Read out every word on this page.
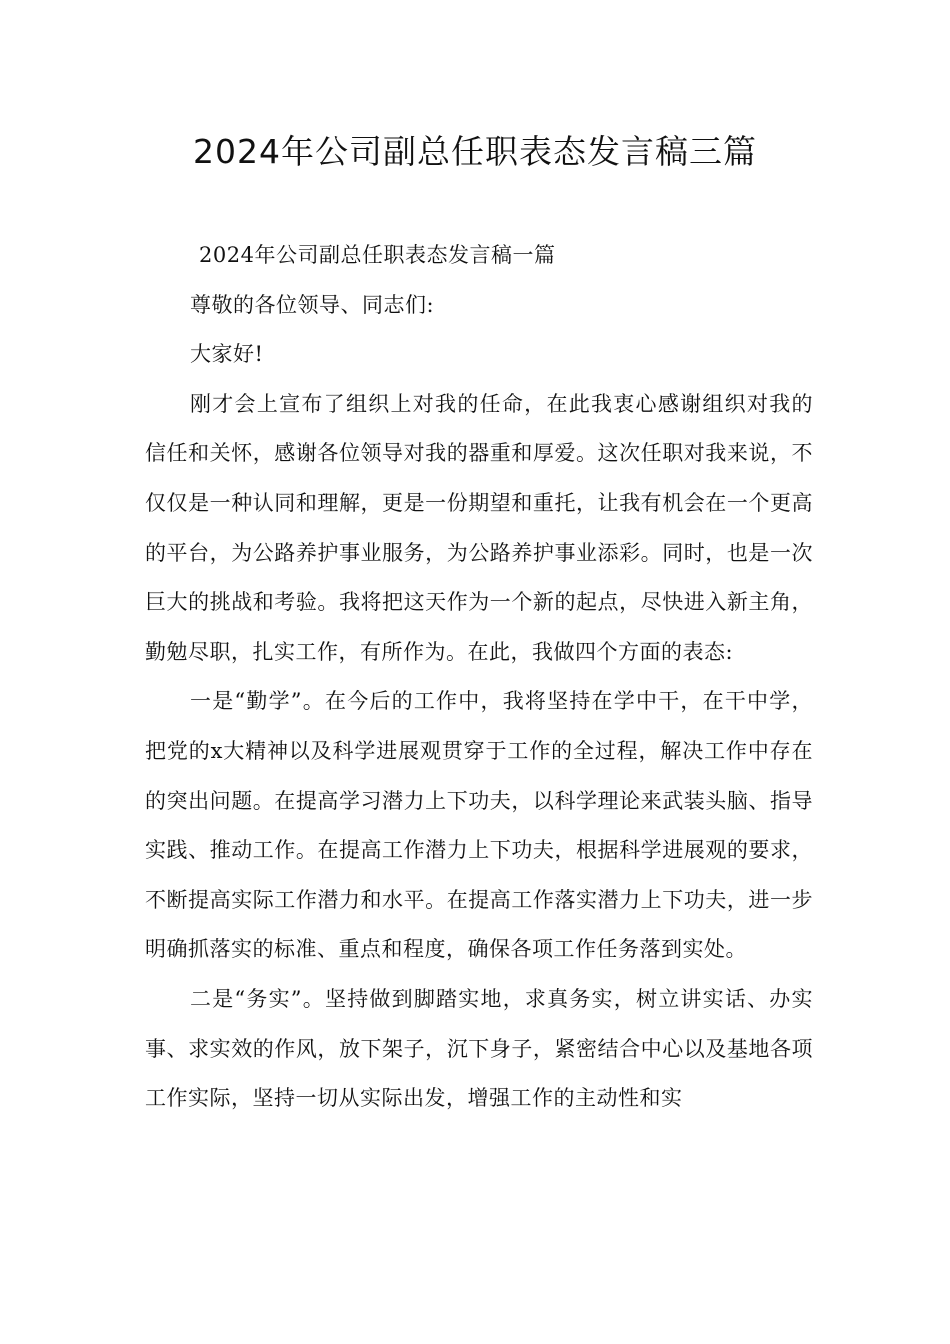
2024年公司副总任职表态发言稿三篇

2024年公司副总任职表态发言稿一篇

尊敬的各位领导、同志们:

大家好!

刚才会上宣布了组织上对我的任命，在此我衷心感谢组织对我的信任和关怀，感谢各位领导对我的器重和厚爱。这次任职对我来说，不仅仅是一种认同和理解，更是一份期望和重托，让我有机会在一个更高的平台，为公路养护事业服务，为公路养护事业添彩。同时，也是一次巨大的挑战和考验。我将把这天作为一个新的起点，尽快进入新主角，勤勉尽职，扎实工作，有所作为。在此，我做四个方面的表态:

一是“勤学”。在今后的工作中，我将坚持在学中干，在干中学，把党的x大精神以及科学进展观贯穿于工作的全过程，解决工作中存在的突出问题。在提高学习潜力上下功夫，以科学理论来武装头脑、指导实践、推动工作。在提高工作潜力上下功夫，根据科学进展观的要求，不断提高实际工作潜力和水平。在提高工作落实潜力上下功夫，进一步明确抓落实的标准、重点和程度，确保各项工作任务落到实处。

二是“务实”。坚持做到脚踏实地，求真务实，树立讲实话、办实事、求实效的作风，放下架子，沉下身子，紧密结合中心以及基地各项工作实际，坚持一切从实际出发，增强工作的主动性和实
